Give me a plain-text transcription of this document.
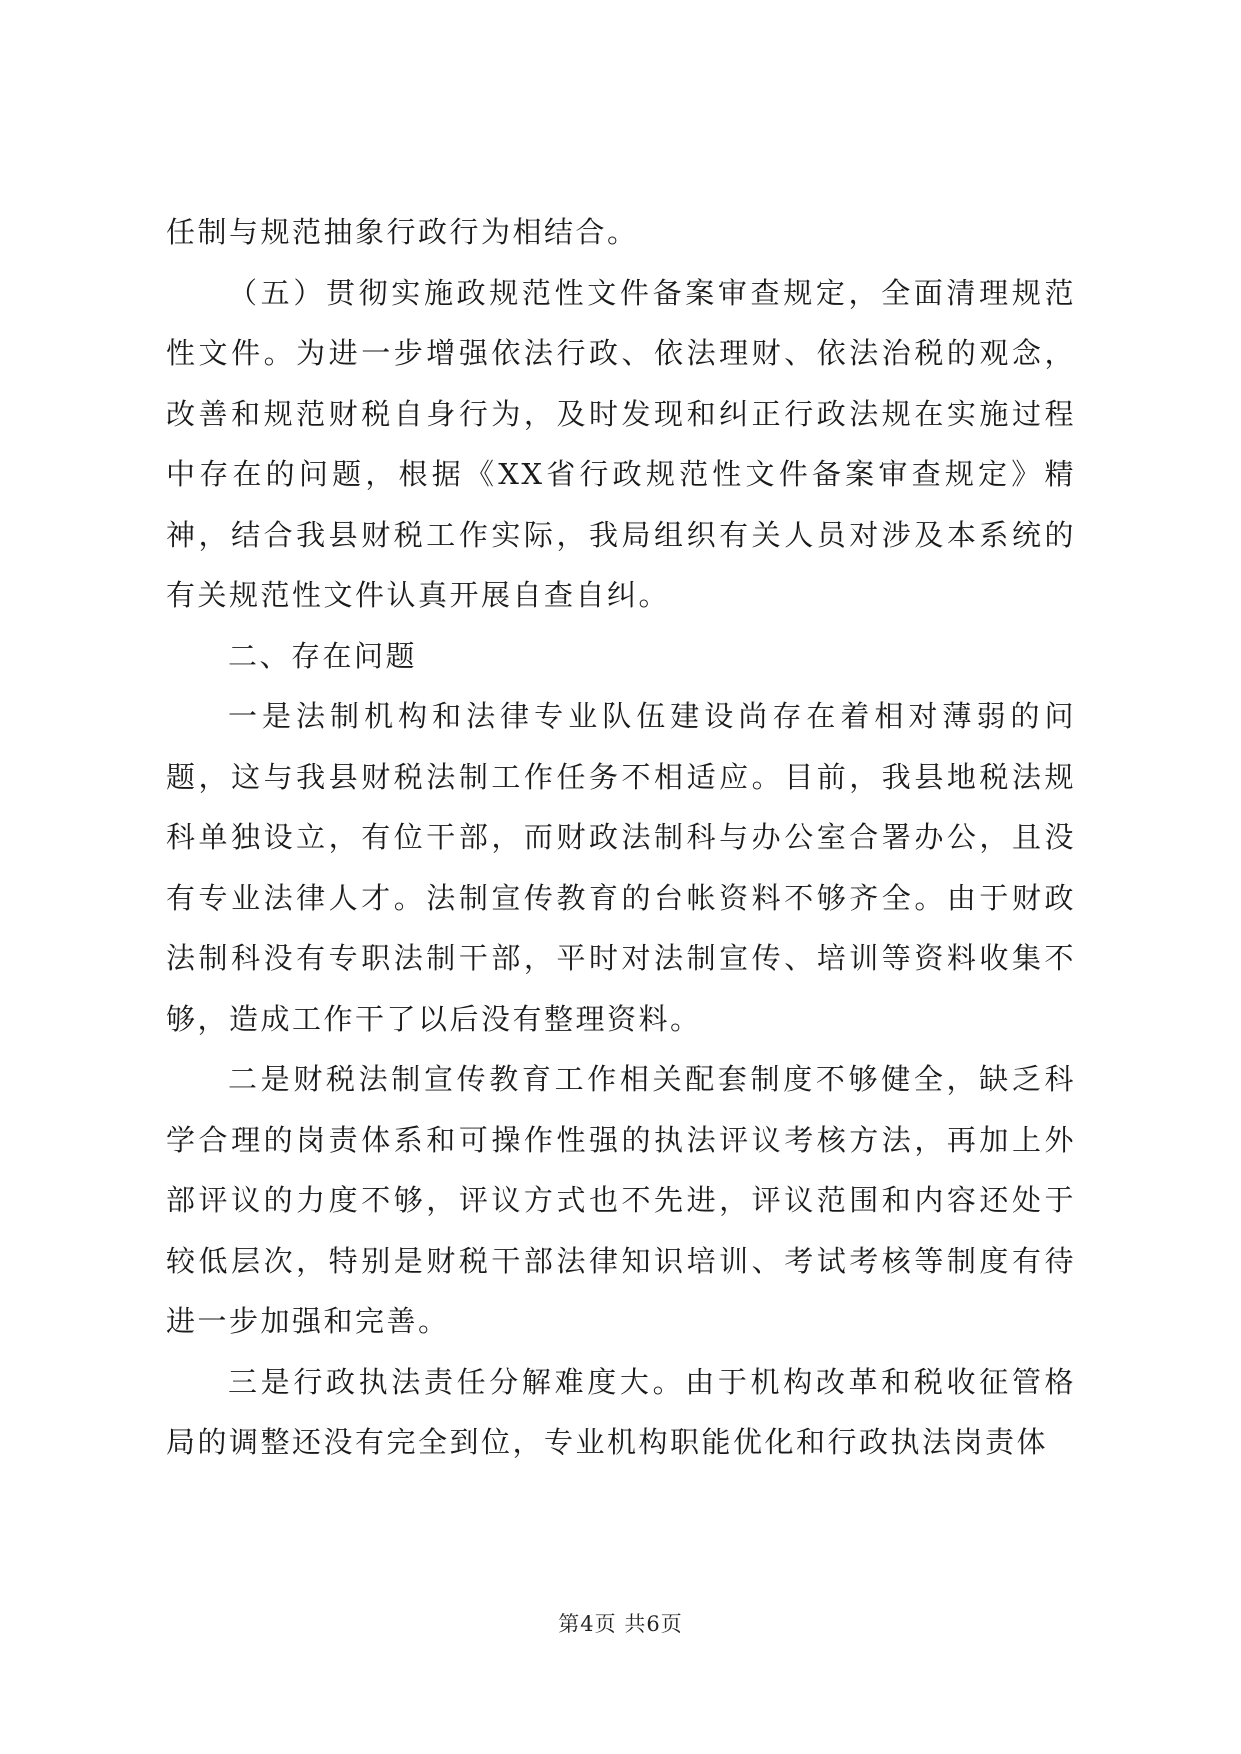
任制与规范抽象行政行为相结合。

（五）贯彻实施政规范性文件备案审查规定，全面清理规范性文件。为进一步增强依法行政、依法理财、依法治税的观念，改善和规范财税自身行为，及时发现和纠正行政法规在实施过程中存在的问题，根据《XX省行政规范性文件备案审查规定》精神，结合我县财税工作实际，我局组织有关人员对涉及本系统的有关规范性文件认真开展自查自纠。

二、存在问题

一是法制机构和法律专业队伍建设尚存在着相对薄弱的问题，这与我县财税法制工作任务不相适应。目前，我县地税法规科单独设立，有位干部，而财政法制科与办公室合署办公，且没有专业法律人才。法制宣传教育的台帐资料不够齐全。由于财政法制科没有专职法制干部，平时对法制宣传、培训等资料收集不够，造成工作干了以后没有整理资料。

二是财税法制宣传教育工作相关配套制度不够健全，缺乏科学合理的岗责体系和可操作性强的执法评议考核方法，再加上外部评议的力度不够，评议方式也不先进，评议范围和内容还处于较低层次，特别是财税干部法律知识培训、考试考核等制度有待进一步加强和完善。

三是行政执法责任分解难度大。由于机构改革和税收征管格局的调整还没有完全到位，专业机构职能优化和行政执法岗责体

第4页 共6页
